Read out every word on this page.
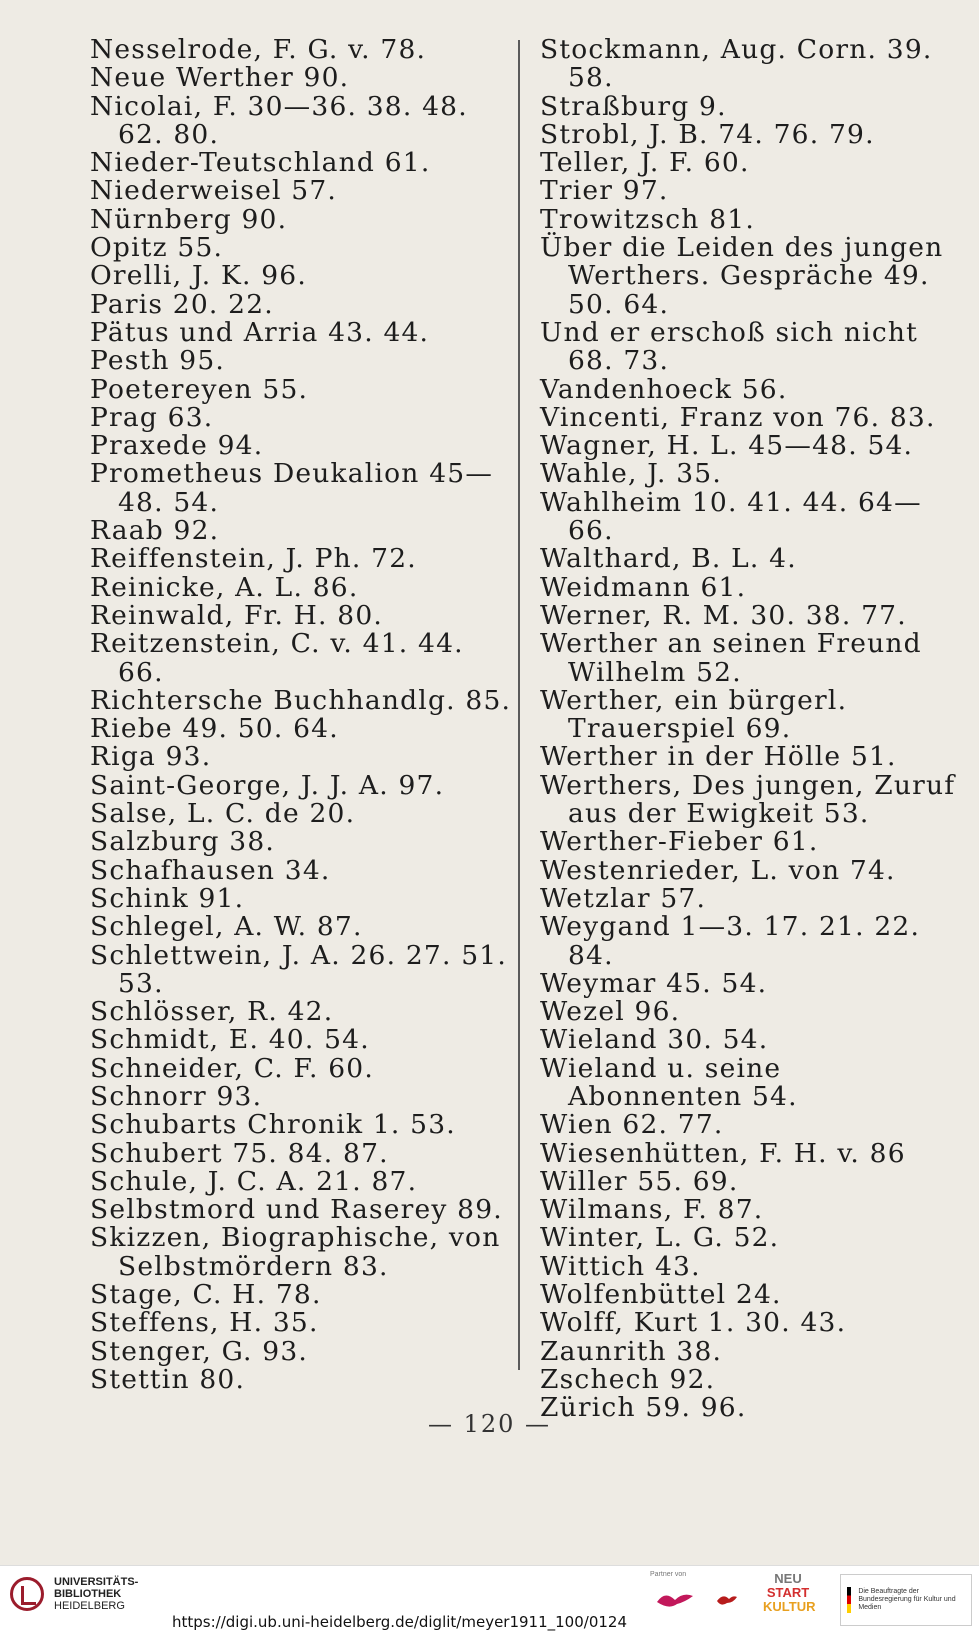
Nesselrode, F. G. v. 78.
Neue Werther 90.
Nicolai, F. 30—36. 38. 48. 62. 80.
Nieder-Teutschland 61.
Niederweisel 57.
Nürnberg 90.
Opitz 55.
Orelli, J. K. 96.
Paris 20. 22.
Pätus und Arria 43. 44.
Pesth 95.
Poetereyen 55.
Prag 63.
Praxede 94.
Prometheus Deukalion 45—48. 54.
Raab 92.
Reiffenstein, J. Ph. 72.
Reinicke, A. L. 86.
Reinwald, Fr. H. 80.
Reitzenstein, C. v. 41. 44. 66.
Richtersche Buchhandlg. 85.
Riebe 49. 50. 64.
Riga 93.
Saint-George, J. J. A. 97.
Salse, L. C. de 20.
Salzburg 38.
Schafhausen 34.
Schink 91.
Schlegel, A. W. 87.
Schlettwein, J. A. 26. 27. 51. 53.
Schlösser, R. 42.
Schmidt, E. 40. 54.
Schneider, C. F. 60.
Schnorr 93.
Schubarts Chronik 1. 53.
Schubert 75. 84. 87.
Schule, J. C. A. 21. 87.
Selbstmord und Raserey 89.
Skizzen, Biographische, von Selbstmördern 83.
Stage, C. H. 78.
Steffens, H. 35.
Stenger, G. 93.
Stettin 80.
Stockmann, Aug. Corn. 39. 58.
Straßburg 9.
Strobl, J. B. 74. 76. 79.
Teller, J. F. 60.
Trier 97.
Trowitzsch 81.
Über die Leiden des jungen Werthers. Gespräche 49. 50. 64.
Und er erschoß sich nicht 68. 73.
Vandenhoeck 56.
Vincenti, Franz von 76. 83.
Wagner, H. L. 45—48. 54.
Wahle, J. 35.
Wahlheim 10. 41. 44. 64—66.
Walthard, B. L. 4.
Weidmann 61.
Werner, R. M. 30. 38. 77.
Werther an seinen Freund Wilhelm 52.
Werther, ein bürgerl. Trauerspiel 69.
Werther in der Hölle 51.
Werthers, Des jungen, Zuruf aus der Ewigkeit 53.
Werther-Fieber 61.
Westenrieder, L. von 74.
Wetzlar 57.
Weygand 1—3. 17. 21. 22. 84.
Weymar 45. 54.
Wezel 96.
Wieland 30. 54.
Wieland u. seine Abonnenten 54.
Wien 62. 77.
Wiesenhütten, F. H. v. 86
Willer 55. 69.
Wilmans, F. 87.
Winter, L. G. 52.
Wittich 43.
Wolfenbüttel 24.
Wolff, Kurt 1. 30. 43.
Zaunrith 38.
Zschech 92.
Zürich 59. 96.
— 120 —
UNIVERSITÄTS-
BIBLIOTHEK
HEIDELBERG
https://digi.ub.uni-heidelberg.de/diglit/meyer1911_100/0124
Partner von	NEU
START
KULTUR
Die Beauftragte der Bundesregierung für Kultur und Medien
